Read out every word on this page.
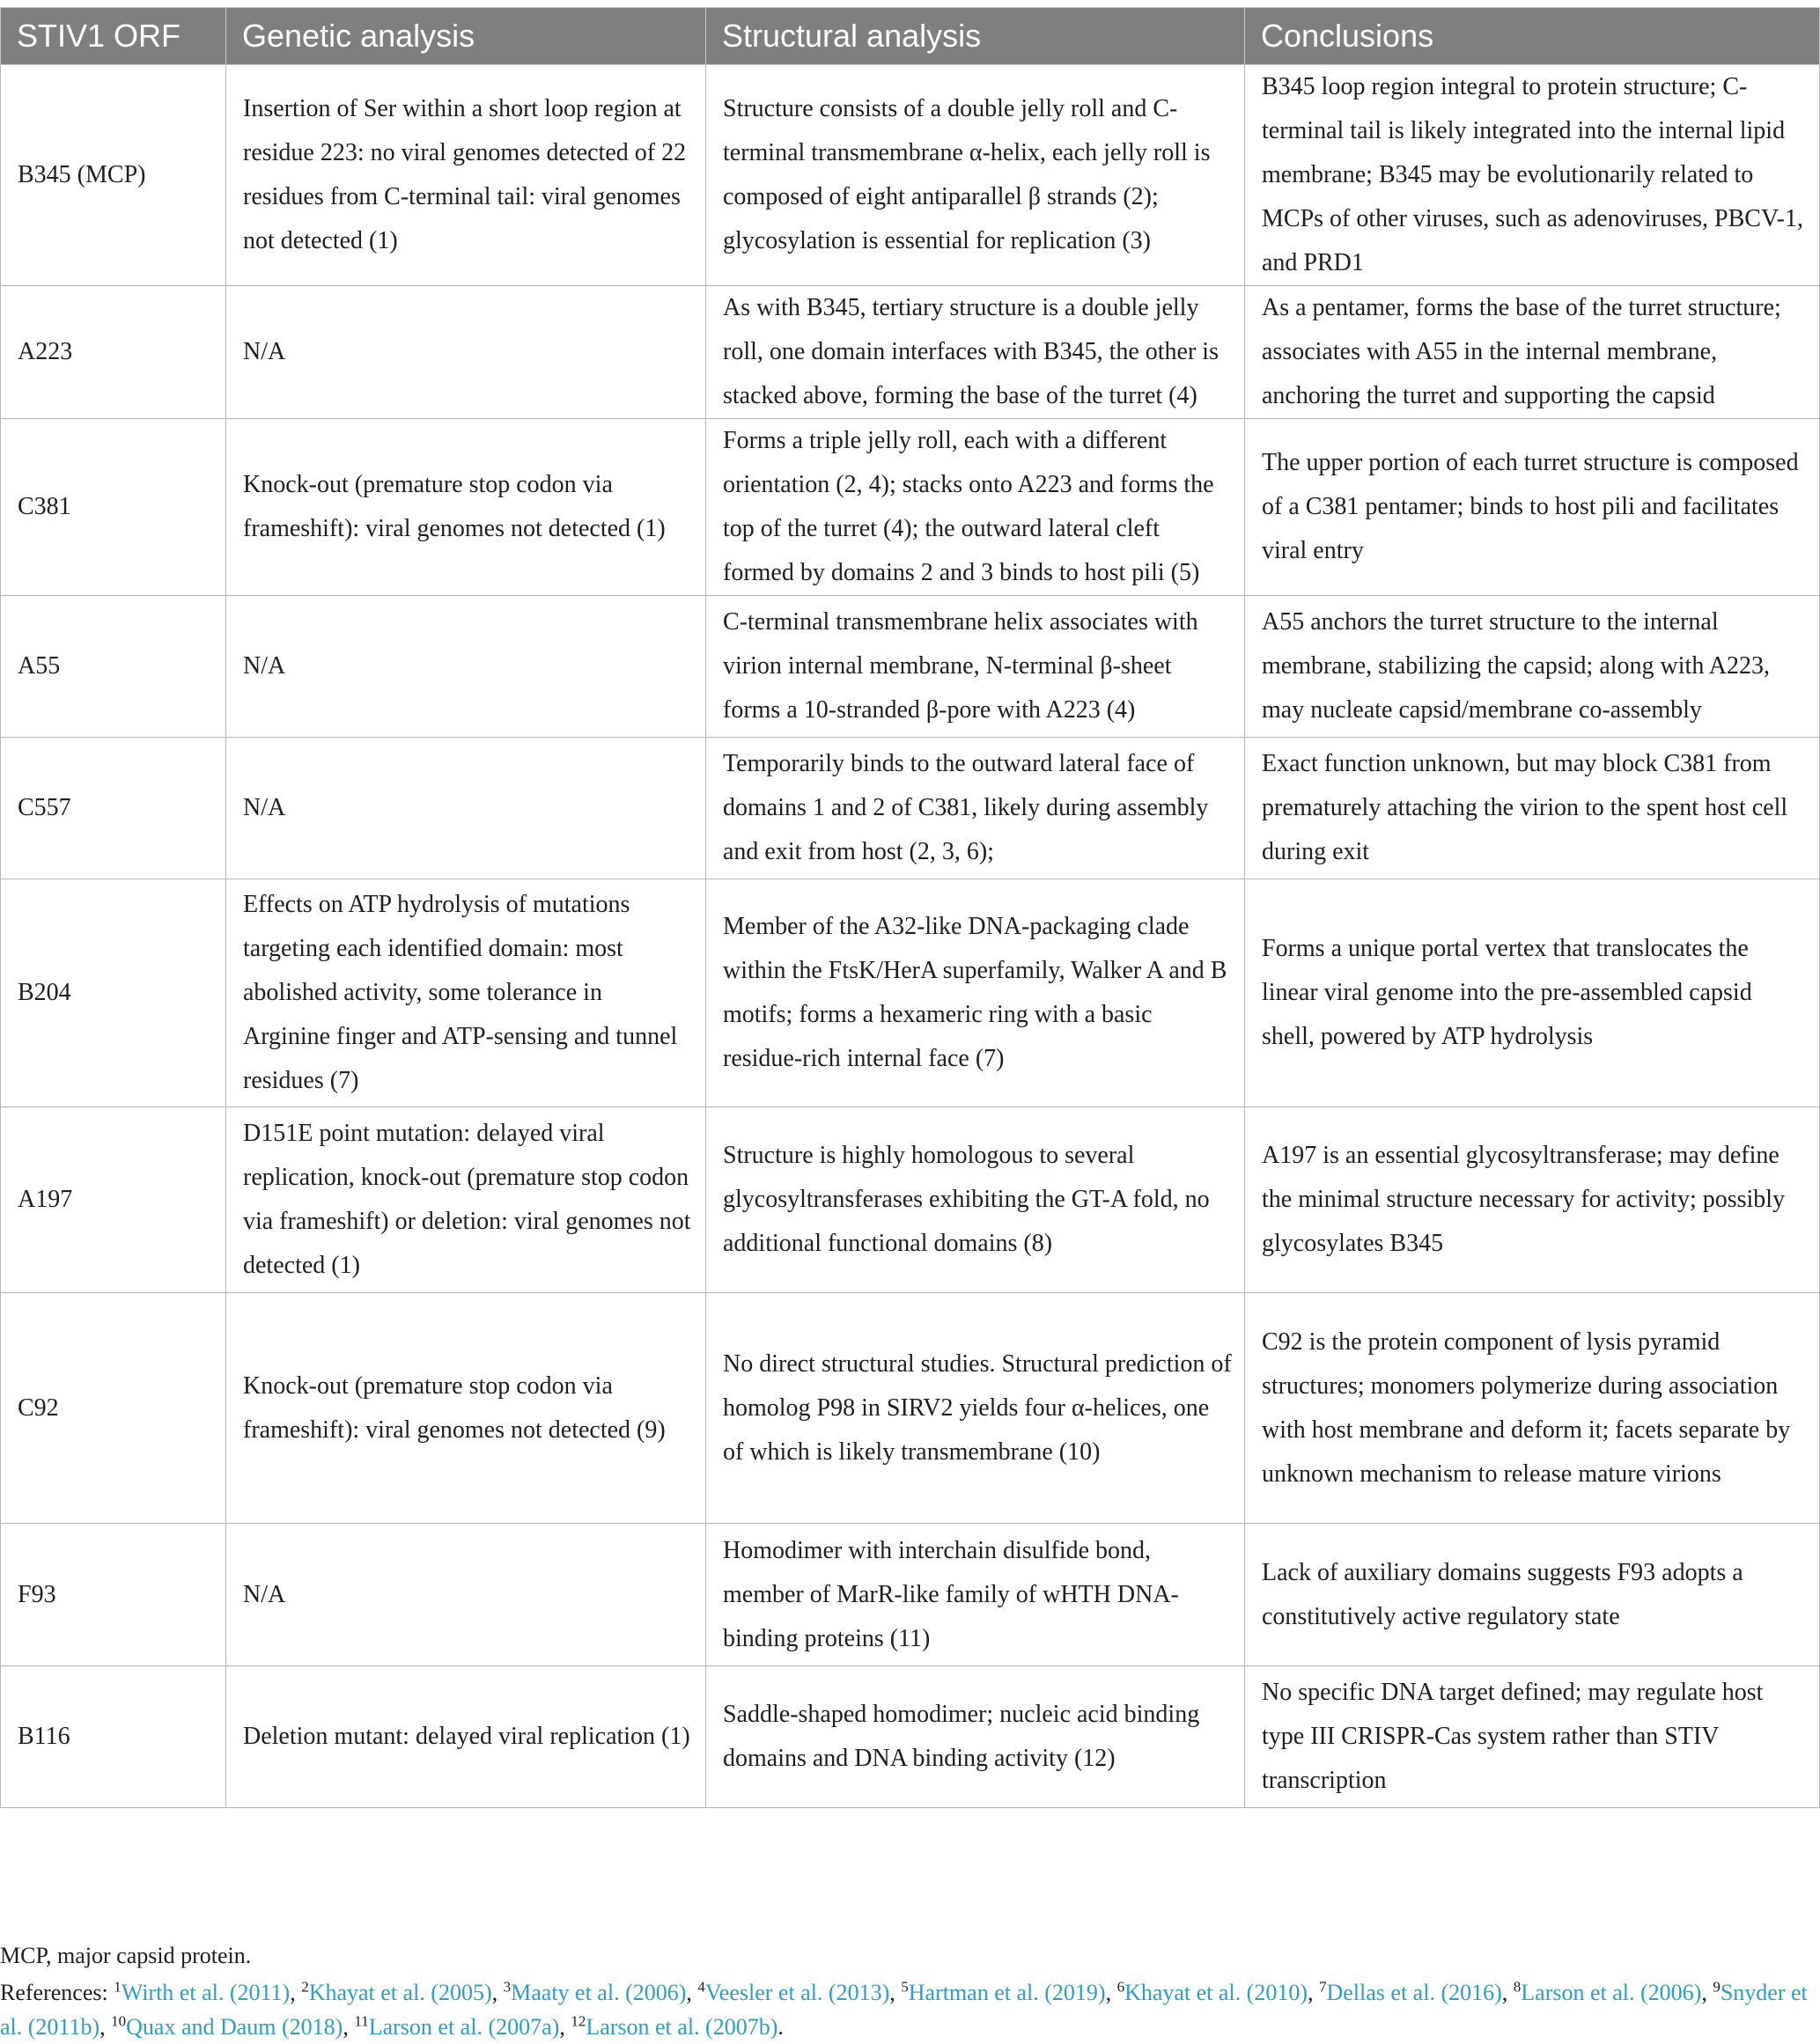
STIV1 ORF	Genetic analysis	Structural analysis	Conclusions
B345 (MCP)	Insertion of Ser within a short loop region at residue 223: no viral genomes detected of 22 residues from C-terminal tail: viral genomes not detected (1)	Structure consists of a double jelly roll and C-terminal transmembrane α-helix, each jelly roll is composed of eight antiparallel β strands (2); glycosylation is essential for replication (3)	B345 loop region integral to protein structure; C-terminal tail is likely integrated into the internal lipid membrane; B345 may be evolutionarily related to MCPs of other viruses, such as adenoviruses, PBCV-1, and PRD1
A223	N/A	As with B345, tertiary structure is a double jelly roll, one domain interfaces with B345, the other is stacked above, forming the base of the turret (4)	As a pentamer, forms the base of the turret structure; associates with A55 in the internal membrane, anchoring the turret and supporting the capsid
C381	Knock-out (premature stop codon via frameshift): viral genomes not detected (1)	Forms a triple jelly roll, each with a different orientation (2, 4); stacks onto A223 and forms the top of the turret (4); the outward lateral cleft formed by domains 2 and 3 binds to host pili (5)	The upper portion of each turret structure is composed of a C381 pentamer; binds to host pili and facilitates viral entry
A55	N/A	C-terminal transmembrane helix associates with virion internal membrane, N-terminal β-sheet forms a 10-stranded β-pore with A223 (4)	A55 anchors the turret structure to the internal membrane, stabilizing the capsid; along with A223, may nucleate capsid/membrane co-assembly
C557	N/A	Temporarily binds to the outward lateral face of domains 1 and 2 of C381, likely during assembly and exit from host (2, 3, 6);	Exact function unknown, but may block C381 from prematurely attaching the virion to the spent host cell during exit
B204	Effects on ATP hydrolysis of mutations targeting each identified domain: most abolished activity, some tolerance in Arginine finger and ATP-sensing and tunnel residues (7)	Member of the A32-like DNA-packaging clade within the FtsK/HerA superfamily, Walker A and B motifs; forms a hexameric ring with a basic residue-rich internal face (7)	Forms a unique portal vertex that translocates the linear viral genome into the pre-assembled capsid shell, powered by ATP hydrolysis
A197	D151E point mutation: delayed viral replication, knock-out (premature stop codon via frameshift) or deletion: viral genomes not detected (1)	Structure is highly homologous to several glycosyltransferases exhibiting the GT-A fold, no additional functional domains (8)	A197 is an essential glycosyltransferase; may define the minimal structure necessary for activity; possibly glycosylates B345
C92	Knock-out (premature stop codon via frameshift): viral genomes not detected (9)	No direct structural studies. Structural prediction of homolog P98 in SIRV2 yields four α-helices, one of which is likely transmembrane (10)	C92 is the protein component of lysis pyramid structures; monomers polymerize during association with host membrane and deform it; facets separate by unknown mechanism to release mature virions
F93	N/A	Homodimer with interchain disulfide bond, member of MarR-like family of wHTH DNA-binding proteins (11)	Lack of auxiliary domains suggests F93 adopts a constitutively active regulatory state
B116	Deletion mutant: delayed viral replication (1)	Saddle-shaped homodimer; nucleic acid binding domains and DNA binding activity (12)	No specific DNA target defined; may regulate host type III CRISPR-Cas system rather than STIV transcription
MCP, major capsid protein.
References: $^1$Wirth et al. (2011), $^2$Khayat et al. (2005), $^3$Maaty et al. (2006), $^4$Veesler et al. (2013), $^5$Hartman et al. (2019), $^6$Khayat et al. (2010), $^7$Dellas et al. (2016), $^8$Larson et al. (2006), $^9$Snyder et al. (2011b), $^{10}$Quax and Daum (2018), $^{11}$Larson et al. (2007a), $^{12}$Larson et al. (2007b).
